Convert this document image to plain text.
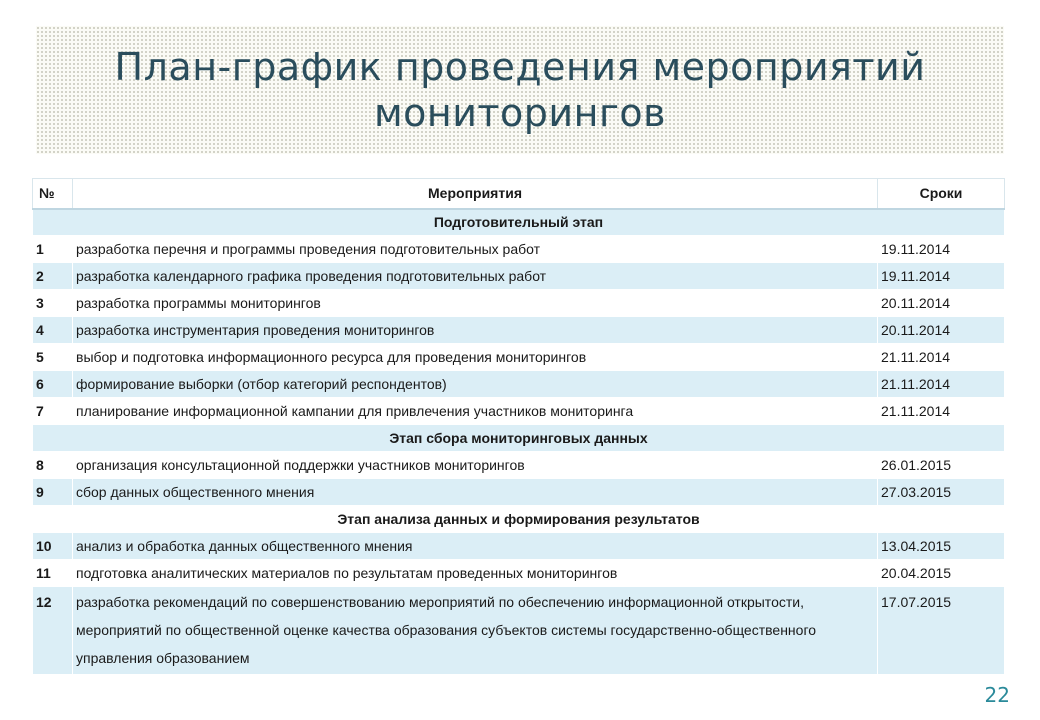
План-график проведения мероприятий
мониторингов
№	Мероприятия	Сроки
Подготовительный этап		
1	разработка перечня и программы проведения подготовительных работ	19.11.2014
2	разработка календарного графика проведения подготовительных работ	19.11.2014
3	разработка программы мониторингов	20.11.2014
4	разработка инструментария проведения мониторингов	20.11.2014
5	выбор и подготовка информационного ресурса для проведения мониторингов	21.11.2014
6	формирование выборки (отбор категорий респондентов)	21.11.2014
7	планирование информационной кампании для привлечения участников мониторинга	21.11.2014
Этап сбора мониторинговых данных		
8	организация консультационной поддержки участников мониторингов	26.01.2015
9	сбор данных общественного мнения	27.03.2015
Этап анализа данных и формирования результатов		
10	анализ и обработка данных общественного мнения	13.04.2015
11	подготовка аналитических материалов по результатам проведенных мониторингов	20.04.2015
12	разработка рекомендаций по совершенствованию мероприятий по обеспечению информационной открытости, мероприятий по общественной оценке качества образования субъектов системы государственно-общественного управления образованием	17.07.2015
22
